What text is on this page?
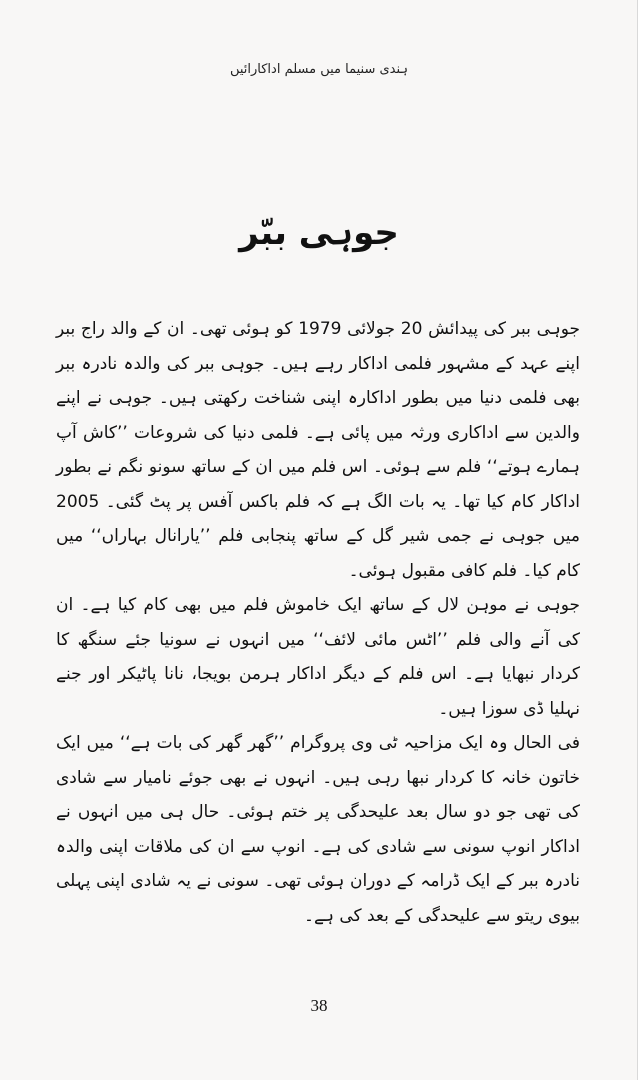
ہندی سنیما میں مسلم اداکارائیں
جوہی ببّر

جوہی ببر کی پیدائش 20 جولائی 1979 کو ہوئی تھی۔ ان کے والد راج ببر اپنے عہد کے مشہور فلمی اداکار رہے ہیں۔ جوہی ببر کی والدہ نادرہ ببر بھی فلمی دنیا میں بطور اداکارہ اپنی شناخت رکھتی ہیں۔ جوہی نے اپنے والدین سے اداکاری ورثہ میں پائی ہے۔ فلمی دنیا کی شروعات ’’کاش آپ ہمارے ہوتے‘‘ فلم سے ہوئی۔ اس فلم میں ان کے ساتھ سونو نگم نے بطور اداکار کام کیا تھا۔ یہ بات الگ ہے کہ فلم باکس آفس پر پٹ گئی۔ 2005 میں جوہی نے جمی شیر گل کے ساتھ پنجابی فلم ’’یارانال بہاراں‘‘ میں کام کیا۔ فلم کافی مقبول ہوئی۔

جوہی نے موہن لال کے ساتھ ایک خاموش فلم میں بھی کام کیا ہے۔ ان کی آنے والی فلم ’’اٹس مائی لائف‘‘ میں انہوں نے سونیا جئے سنگھ کا کردار نبھایا ہے۔ اس فلم کے دیگر اداکار ہرمن بویجا، نانا پاٹیکر اور جنے نہلیا ڈی سوزا ہیں۔

فی الحال وہ ایک مزاحیہ ٹی وی پروگرام ’’گھر گھر کی بات ہے‘‘ میں ایک خاتون خانہ کا کردار نبھا رہی ہیں۔ انہوں نے بھی جوئے نامیار سے شادی کی تھی جو دو سال بعد علیحدگی پر ختم ہوئی۔ حال ہی میں انہوں نے اداکار انوپ سونی سے شادی کی ہے۔ انوپ سے ان کی ملاقات اپنی والدہ نادرہ ببر کے ایک ڈرامہ کے دوران ہوئی تھی۔ سونی نے یہ شادی اپنی پہلی بیوی ریتو سے علیحدگی کے بعد کی ہے۔

38
